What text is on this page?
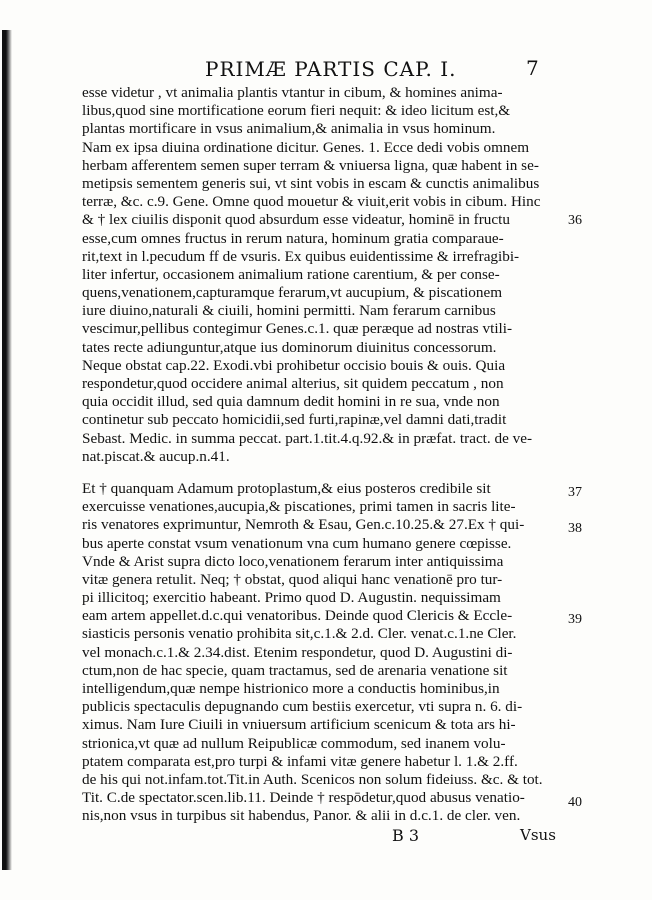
PRIMÆ PARTIS CAP. I.	7
esse videtur , vt animalia plantis vtantur in cibum, & homines anima-
libus,quod sine mortificatione eorum fieri nequit: & ideo licitum est,&
plantas mortificare in vsus animalium,& animalia in vsus hominum.
Nam ex ipsa diuina ordinatione dicitur. Genes. 1. Ecce dedi vobis omnem
herbam afferentem semen super terram & vniuersa ligna, quæ habent in se-
metipsis sementem generis sui, vt sint vobis in escam & cunctis animalibus
terræ, &c. c.9. Gene. Omne quod mouetur & viuit,erit vobis in cibum. Hinc
& † lex ciuilis disponit quod absurdum esse videatur, hominē in fructu
esse,cum omnes fructus in rerum natura, hominum gratia comparaue-
rit,text in l.pecudum ff de vsuris. Ex quibus euidentissime & irrefragibi-
liter infertur, occasionem animalium ratione carentium, & per conse-
quens,venationem,capturamque ferarum,vt aucupium, & piscationem
iure diuino,naturali & ciuili, homini permitti. Nam ferarum carnibus
vescimur,pellibus contegimur Genes.c.1. quæ peræque ad nostras vtili-
tates recte adiunguntur,atque ius dominorum diuinitus concessorum.
Neque obstat cap.22. Exodi.vbi prohibetur occisio bouis & ouis. Quia
respondetur,quod occidere animal alterius, sit quidem peccatum , non
quia occidit illud, sed quia damnum dedit homini in re sua, vnde non
continetur sub peccato homicidii,sed furti,rapinæ,vel damni dati,tradit
Sebast. Medic. in summa peccat. part.1.tit.4.q.92.& in præfat. tract. de ve-
nat.piscat.& aucup.n.41.
Et † quanquam Adamum protoplastum,& eius posteros credibile sit
exercuisse venationes,aucupia,& piscationes, primi tamen in sacris lite-
ris venatores exprimuntur, Nemroth & Esau, Gen.c.10.25.& 27.Ex † qui-
bus aperte constat vsum venationum vna cum humano genere cœpisse.
Vnde & Arist supra dicto loco,venationem ferarum inter antiquissima
vitæ genera retulit. Neq; † obstat, quod aliqui hanc venationē pro tur-
pi illicitoq; exercitio habeant. Primo quod D. Augustin. nequissimam
eam artem appellet.d.c.qui venatoribus. Deinde quod Clericis & Eccle-
siasticis personis venatio prohibita sit,c.1.& 2.d. Cler. venat.c.1.ne Cler.
vel monach.c.1.& 2.34.dist. Etenim respondetur, quod D. Augustini di-
ctum,non de hac specie, quam tractamus, sed de arenaria venatione sit
intelligendum,quæ nempe histrionico more a conductis hominibus,in
publicis spectaculis depugnando cum bestiis exercetur, vti supra n. 6. di-
ximus. Nam Iure Ciuili in vniuersum artificium scenicum & tota ars hi-
strionica,vt quæ ad nullum Reipublicæ commodum, sed inanem volu-
ptatem comparata est,pro turpi & infami vitæ genere habetur l. 1.& 2.ff.
de his qui not.infam.tot.Tit.in Auth. Scenicos non solum fideiuss. &c. & tot.
Tit. C.de spectator.scen.lib.11. Deinde † respōdetur,quod abusus venatio-
nis,non vsus in turpibus sit habendus, Panor. & alii in d.c.1. de cler. ven.
36
37
38
39
40
B 3	Vsus
